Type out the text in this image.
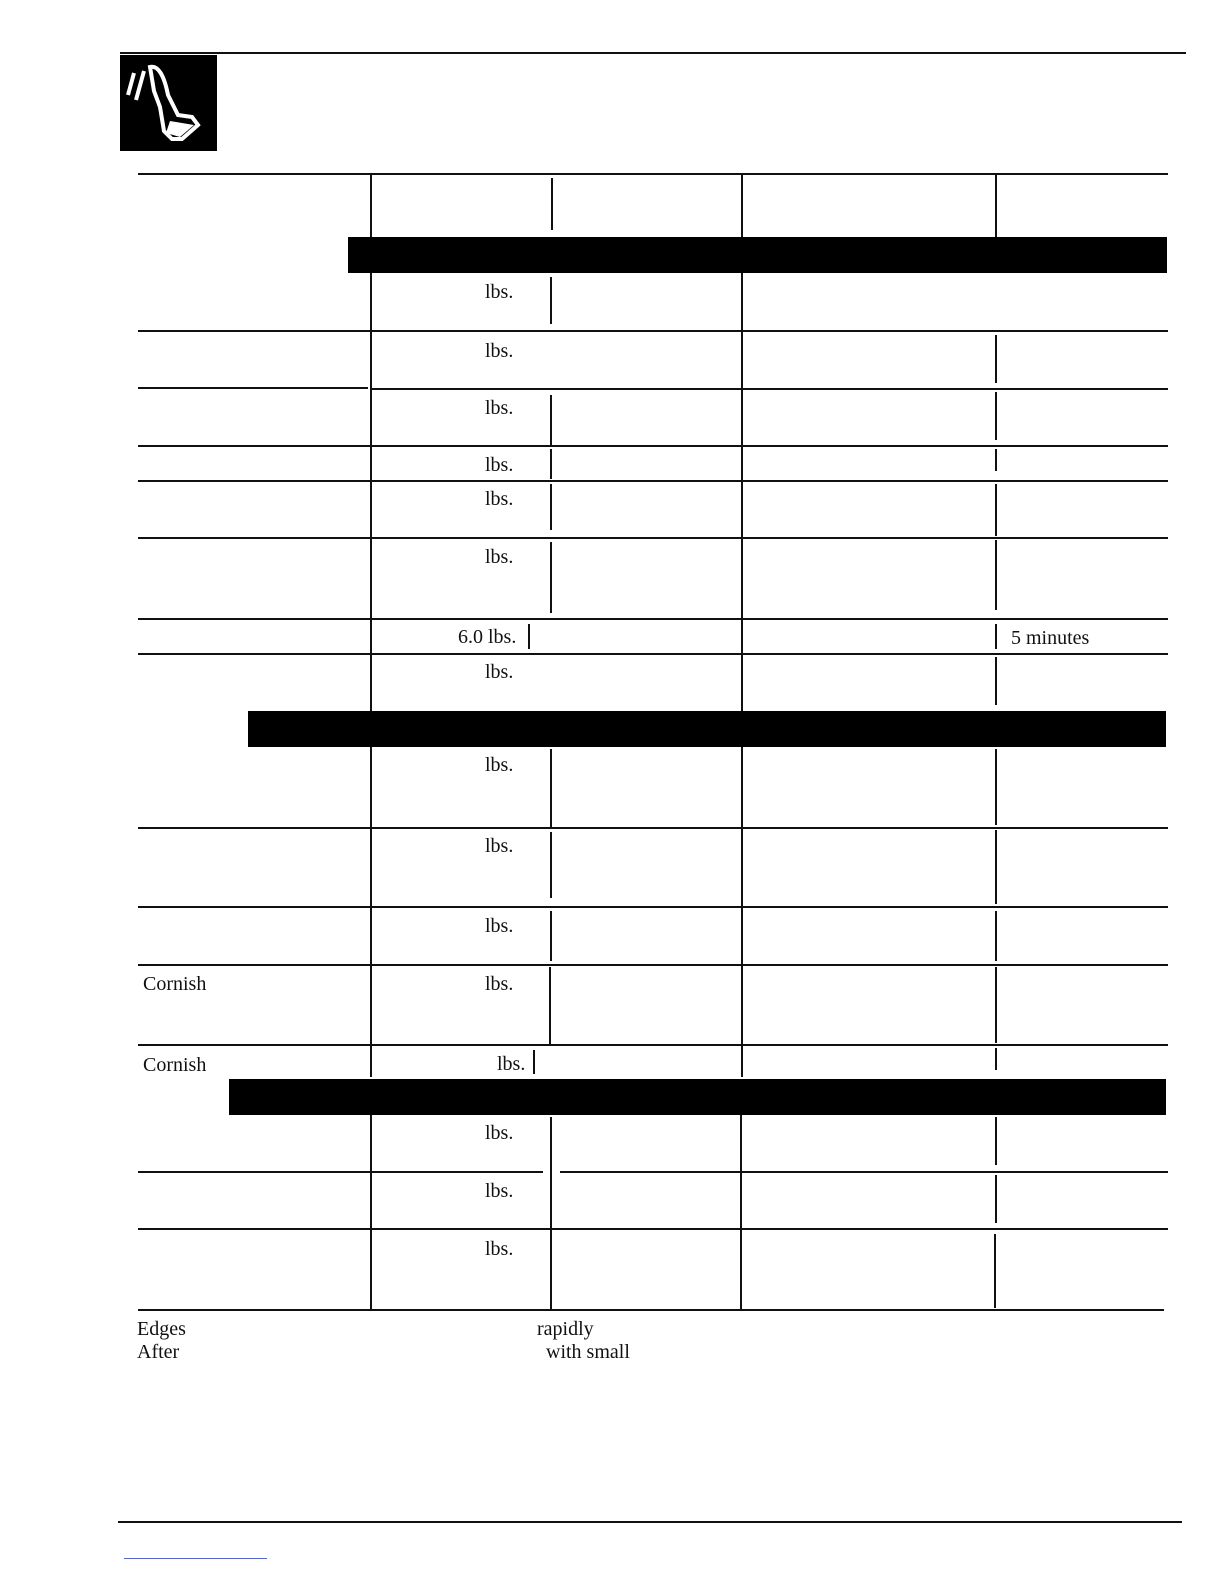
lbs.
lbs.
lbs.
lbs.
lbs.
lbs.
6.0 lbs.	5 minutes
lbs.
lbs.
lbs.
lbs.
Cornish	lbs.
Cornish	lbs.
lbs.
lbs.
lbs.
Edges	rapidly
After	with small
